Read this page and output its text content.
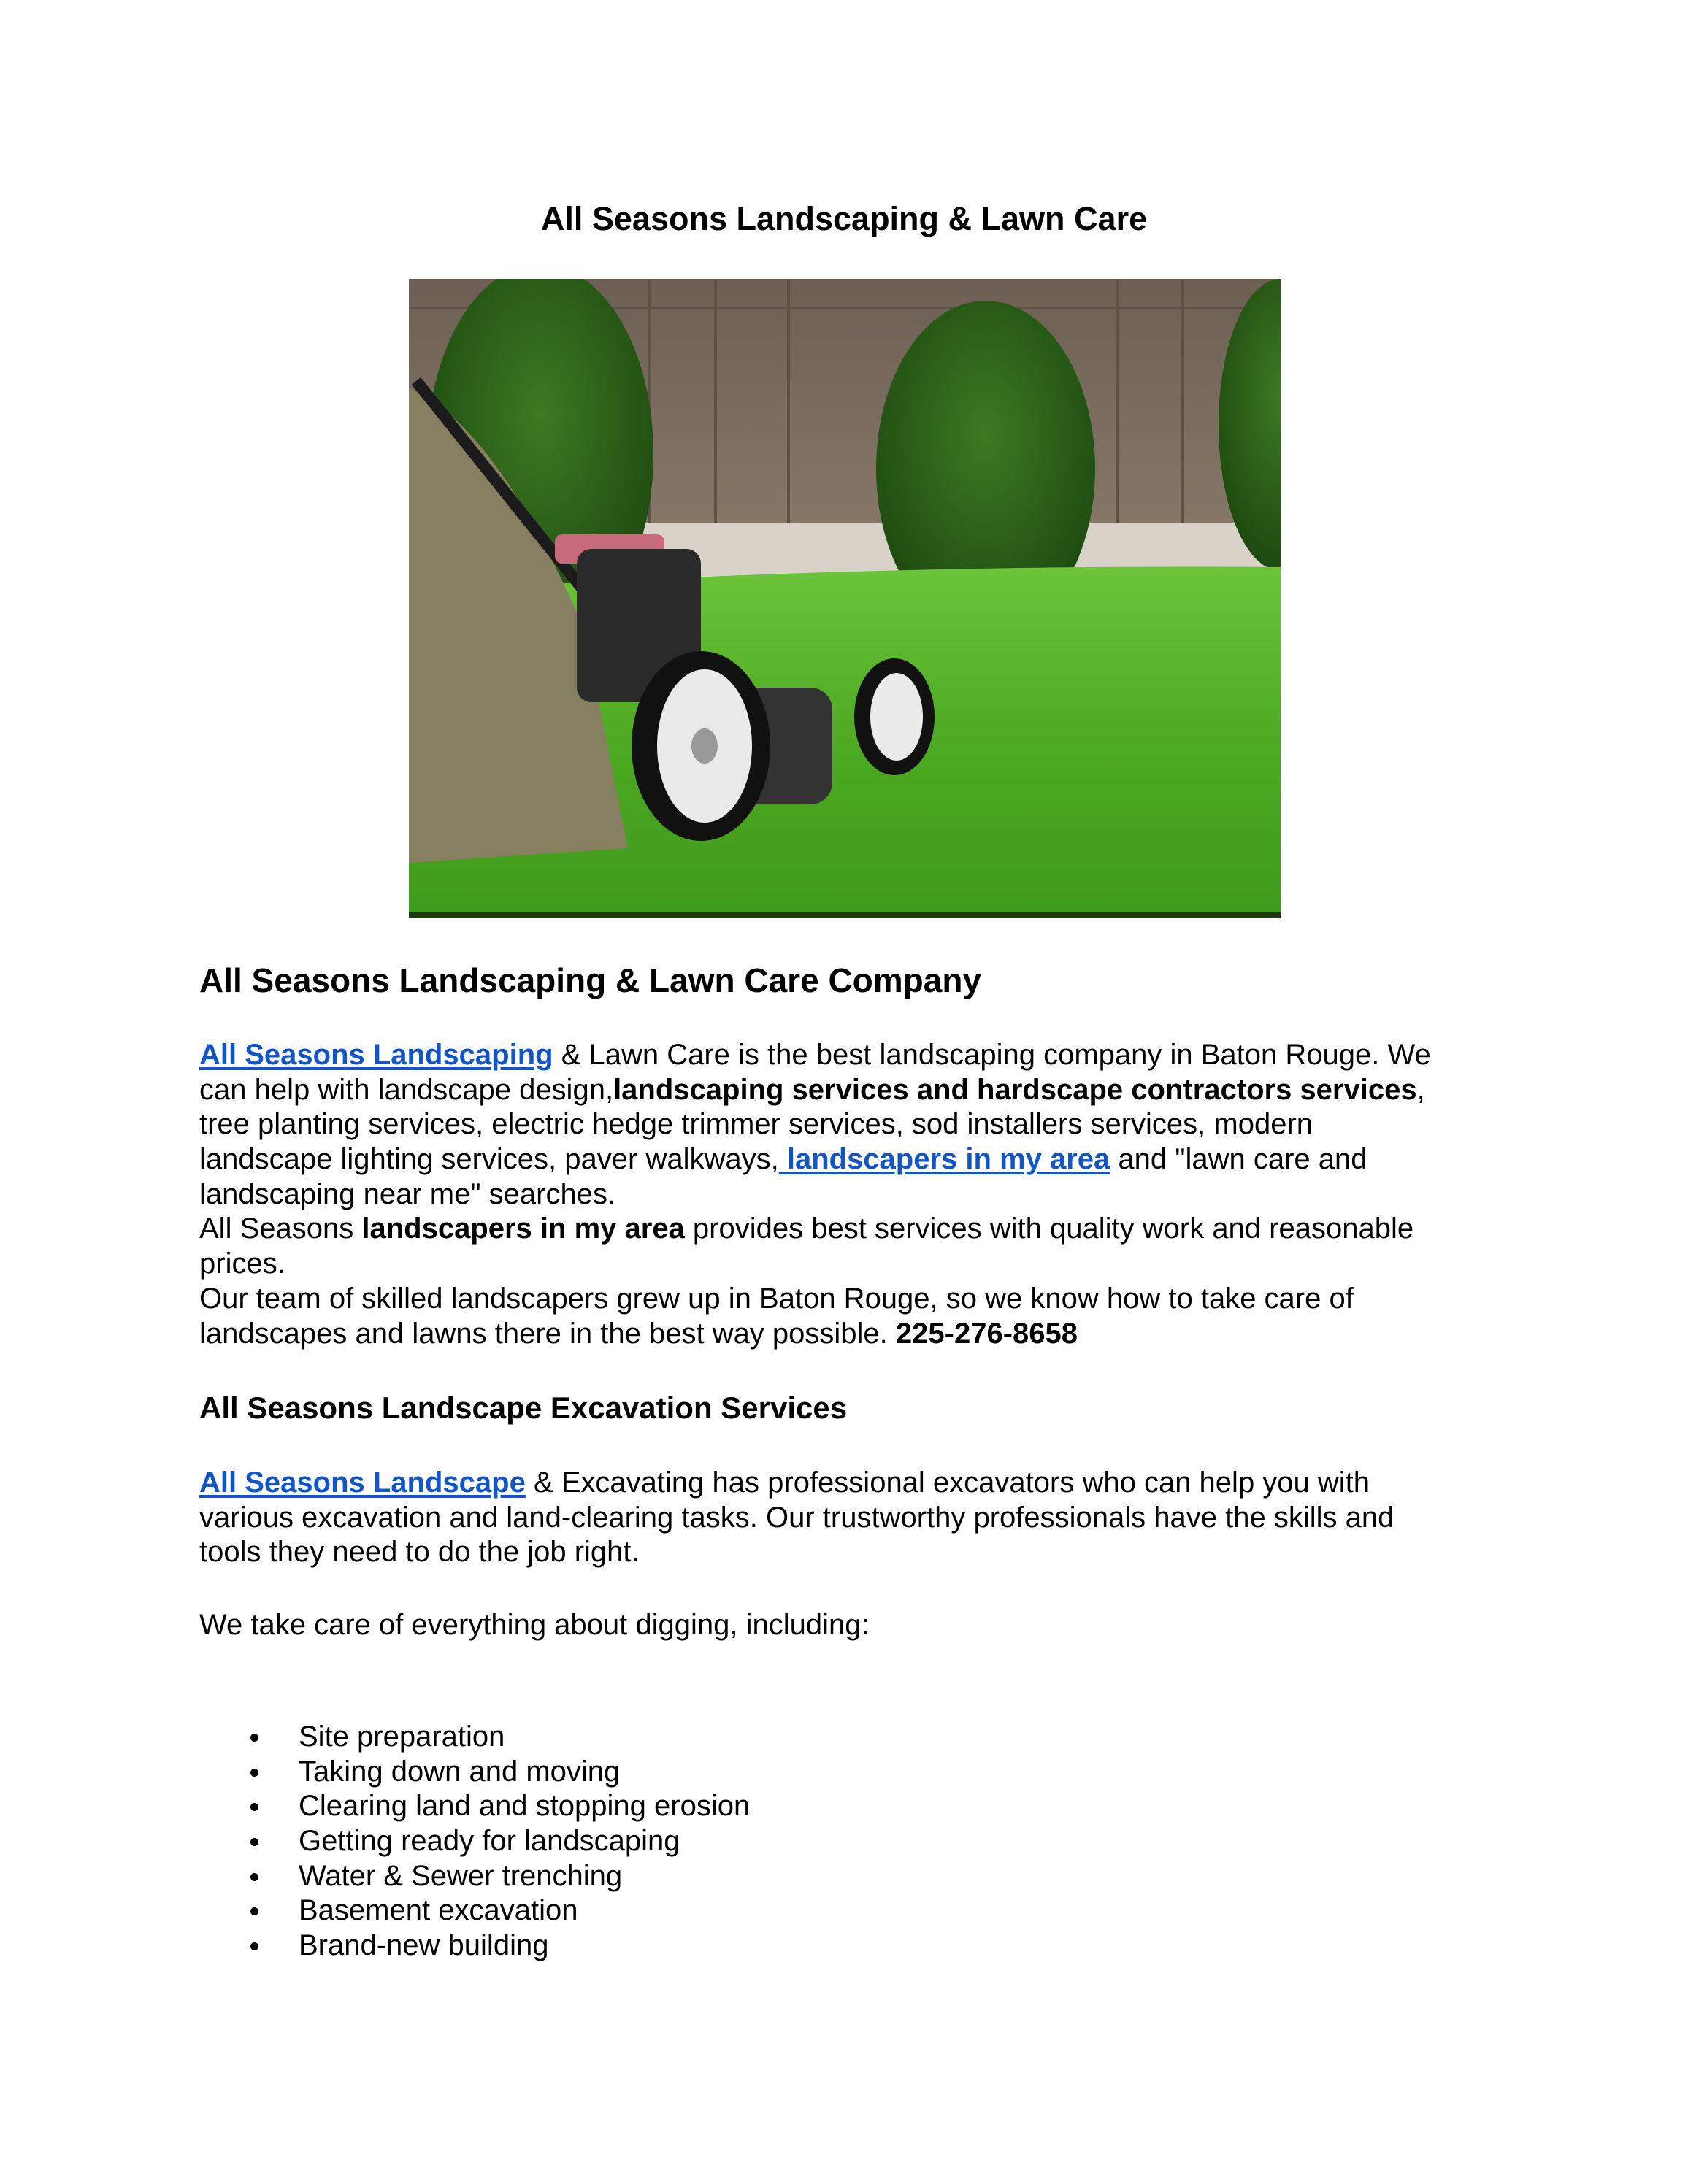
All Seasons Landscaping & Lawn Care
All Seasons Landscaping & Lawn Care Company
All Seasons Landscaping & Lawn Care is the best landscaping company in Baton Rouge. We
can help with landscape design,landscaping services and hardscape contractors services,
tree planting services, electric hedge trimmer services, sod installers services, modern
landscape lighting services, paver walkways, landscapers in my area and "lawn care and
landscaping near me" searches.
All Seasons landscapers in my area provides best services with quality work and reasonable
prices.
Our team of skilled landscapers grew up in Baton Rouge, so we know how to take care of
landscapes and lawns there in the best way possible. 225-276-8658
All Seasons Landscape Excavation Services
All Seasons Landscape & Excavating has professional excavators who can help you with
various excavation and land-clearing tasks. Our trustworthy professionals have the skills and
tools they need to do the job right.
We take care of everything about digging, including:
Site preparation
Taking down and moving
Clearing land and stopping erosion
Getting ready for landscaping
Water & Sewer trenching
Basement excavation
Brand-new building
